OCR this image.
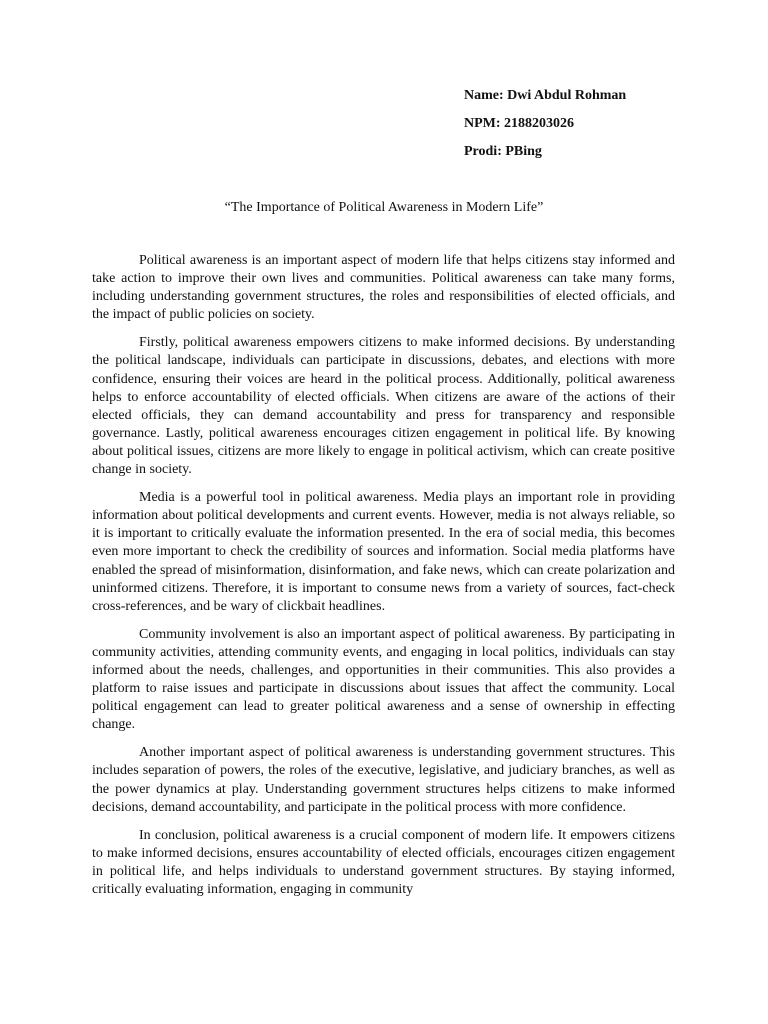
Name: Dwi Abdul Rohman
NPM: 2188203026
Prodi: PBing
“The Importance of Political Awareness in Modern Life”

Political awareness is an important aspect of modern life that helps citizens stay informed and take action to improve their own lives and communities. Political awareness can take many forms, including understanding government structures, the roles and responsibilities of elected officials, and the impact of public policies on society.

Firstly, political awareness empowers citizens to make informed decisions. By understanding the political landscape, individuals can participate in discussions, debates, and elections with more confidence, ensuring their voices are heard in the political process. Additionally, political awareness helps to enforce accountability of elected officials. When citizens are aware of the actions of their elected officials, they can demand accountability and press for transparency and responsible governance. Lastly, political awareness encourages citizen engagement in political life. By knowing about political issues, citizens are more likely to engage in political activism, which can create positive change in society.

Media is a powerful tool in political awareness. Media plays an important role in providing information about political developments and current events. However, media is not always reliable, so it is important to critically evaluate the information presented. In the era of social media, this becomes even more important to check the credibility of sources and information. Social media platforms have enabled the spread of misinformation, disinformation, and fake news, which can create polarization and uninformed citizens. Therefore, it is important to consume news from a variety of sources, fact-check cross-references, and be wary of clickbait headlines.

Community involvement is also an important aspect of political awareness. By participating in community activities, attending community events, and engaging in local politics, individuals can stay informed about the needs, challenges, and opportunities in their communities. This also provides a platform to raise issues and participate in discussions about issues that affect the community. Local political engagement can lead to greater political awareness and a sense of ownership in effecting change.

Another important aspect of political awareness is understanding government structures. This includes separation of powers, the roles of the executive, legislative, and judiciary branches, as well as the power dynamics at play. Understanding government structures helps citizens to make informed decisions, demand accountability, and participate in the political process with more confidence.

In conclusion, political awareness is a crucial component of modern life. It empowers citizens to make informed decisions, ensures accountability of elected officials, encourages citizen engagement in political life, and helps individuals to understand government structures. By staying informed, critically evaluating information, engaging in community
